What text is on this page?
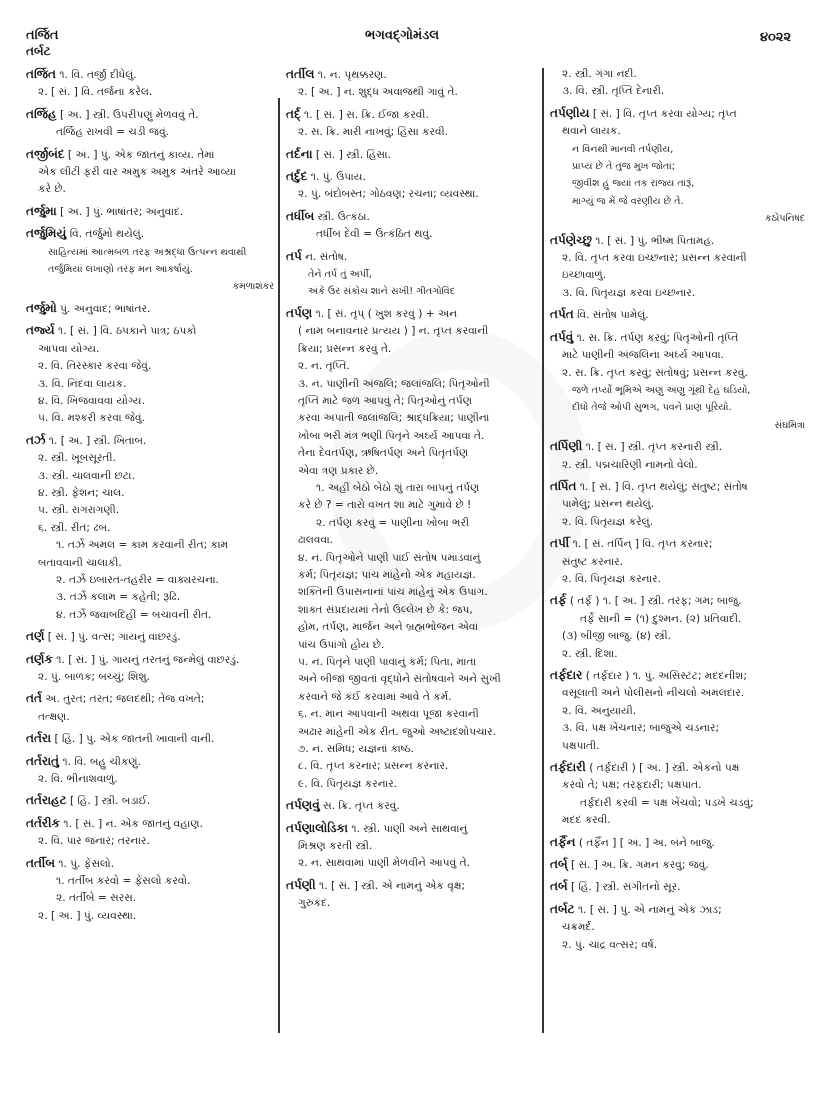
તર્જિત
તર્બટ
ભગવદ્ગોમંડલ	૪૦૨૨
તર્જિત ૧. વિ. તર્જી દીધેલું.
૨. [ સં. ] વિ. તર્જના કરેલ.
તર્જિહ [ અ. ] સ્ત્રી. ઉપરીપણું મેળવવું તે.
તર્જિહ રાખવી = ચડી જવું.
તર્જીબંદ [ અ. ] પું. એક જાતનું કાવ્ય. તેમાં
એક લીટી ફરી વાર અમુક અમુક અંતરે આવ્યા
કરે છે.
તર્જુમા [ અ. ] પું. ભાષાંતર; અનુવાદ.
તર્જુમિયું વિ. તર્જુમો થયેલું.
સાહિત્યમાં આત્મબળ તરફ અશ્રદ્ધા ઉત્પન્ન થવાથી
તર્જુમિયાં લખાણો તરફ મન આકર્ષાયું.
કમળાશંકર
તર્જુમો પું. અનુવાદ; ભાષાંતર.
તર્જ્ય ૧. [ સં. ] વિ. ઠપકાને પાત્ર; ઠપકો
આપવા યોગ્ય.
૨. વિ. તિરસ્કાર કરવા જેવું.
૩. વિ. નિંદવા લાયક.
૪. વિ. ખિજવાવવા યોગ્ય.
૫. વિ. મશ્કરી કરવા જેવું.
તર્ઝ ૧. [ અ. ] સ્ત્રી. ખિતાબ.
૨. સ્ત્રી. ખૂબસૂરતી.
૩. સ્ત્રી. ચાલવાની છટા.
૪. સ્ત્રી. ફેશન; ચાલ.
૫. સ્ત્રી. રાગરાગણી.
૬. સ્ત્રી. રીત; ઢબ.
૧. તર્ઝે અમલ = કામ કરવાની રીત; કામ
બતાવવાની ચાલાકી.
૨. તર્ઝે ઇબારત-તહરીર = વાક્યરચના.
૩. તર્ઝે કલામ = કહેતી; રૂઢિ.
૪. તર્ઝે જવાબદિહી = બચાવની રીત.
તર્ણ [ સં. ] પું. વત્સ; ગાયનું વાછરડું.
તર્ણક ૧. [ સં. ] પું. ગાયનું તરતનું જન્મેલું વાછરડું.
૨. પું. બાળક; બચ્ચું; શિશુ.
તર્ત અ. તુરત; તરત; જલદથી; તેજ વખતે;
તત્ક્ષણ.
તર્તરા [ હિં. ] પું. એક જાતની ખાવાની વાની.
તર્તરાતું ૧. વિ. બહુ ચીકણું.
૨. વિ. ભીનાશવાળું.
તર્તરાહટ [ હિં. ] સ્ત્રી. બડાઈ.
તર્તરીક ૧. [ સં. ] ન. એક જાતનું વહાણ.
૨. વિ. પાર જનાર; તરનાર.
તર્તીબ ૧. પું. ફેંસલો.
૧. તર્તીબ કરવો = ફેંસલો કરવો.
૨. તર્તીબે = સરસ.
૨. [ અ. ] પું. વ્યવસ્થા.
તર્તીલ ૧. ન. પૃથક્કરણ.
૨. [ અ. ] ન. શુદ્ધ અવાજથી ગાવું તે.
તર્દ્ ૧. [ સં. ] સ. ક્રિ. ઈજા કરવી.
૨. સ. ક્રિ. મારી નાખવું; હિંસા કરવી.
તર્દના [ સં. ] સ્ત્રી. હિંસા.
તર્દુદ ૧. પું. ઉપાય.
૨. પું. બંદોબસ્ત; ગોઠવણ; રચના; વ્યવસ્થા.
તર્ધીબ સ્ત્રી. ઉત્કંઠા.
તર્ધીબ દેવી = ઉત્કંઠિત થવું.
તર્પ ન. સંતોષ.
તેને તર્પ તું અર્પી,
અંકે ઉર સંકોચ શાને સખી! ગીતગોવિંદ
તર્પણ ૧. [ સં. તૃપ્ ( ખુશ કરવું ) + અન
( નામ બનાવનાર પ્રત્યય ) ] ન. તૃપ્ત કરવાની
ક્રિયા; પ્રસન્ન કરવું તે.
૨. ન. તૃપ્તિ.
૩. ન. પાણીની અંજલિ; જલાંજલિ; પિતૃઓની
તૃપ્તિ માટે જળ આપવું તે; પિતૃઓનું તર્પણ
કરવા અપાતી જલાંજલિ; શ્રાદ્ધક્રિયા; પાણીના
ખોબા ભરી મંત્ર ભણી પિતૃને અર્ઘ્ય આપવા તે.
તેના દેવતર્પણ, ઋષિતર્પણ અને પિતૃતર્પણ
એવા ત્રણ પ્રકાર છે.
૧. અહીં બેઠો બેઠો શું તારા બાપનું તર્પણ
કરે છે ? = તારો વખત શા માટે ગુમાવે છે !
૨. તર્પણ કરવું = પાણીના ખોબા ભરી
ઢાલવવા.
૪. ન. પિતૃઓને પાણી પાઈ સંતોષ પમાડવાનું
કર્મ; પિતૃયજ્ઞ; પાંચ માંહેનો એક મહાયજ્ઞ.
શક્તિની ઉપાસનાનાં પાંચ માંહેનું એક ઉપાંગ.
શાક્ત સંપ્રદાયમાં તેનો ઉલ્લેખ છે કે: જપ,
હોમ, તર્પણ, માર્જન અને બ્રહ્મભોજન એવાં
પાંચ ઉપાંગો હોય છે.
૫. ન. પિતૃને પાણી પાવાનું કર્મ; પિતા, માતા
અને બીજાં જીવતાં વૃદ્ધોને સંતોષવાને અને સુખી
કરવાને જે કંઈ કરવામાં આવે તે કર્મ.
૬. ન. માન આપવાની અથવા પૂજા કરવાની
અઢાર માંહેની એક રીત. જુઓ અષ્ટાદશોપચાર.
૭. ન. સમિધ; યજ્ઞનાં કાષ્ઠ.
૮. વિ. તૃપ્ત કરનાર; પ્રસન્ન કરનાર.
૯. વિ. પિતૃયજ્ઞ કરનાર.
તર્પણવું સ. ક્રિ. તૃપ્ત કરવું.
તર્પણાલોડિકા ૧. સ્ત્રી. પાણી અને સાથવાનું
મિશ્રણ કરતી સ્ત્રી.
૨. ન. સાથવામાં પાણી મેળવીને આપવું તે.
તર્પણી ૧. [ સં. ] સ્ત્રી. એ નામનું એક વૃક્ષ;
ગુરુકંદ.
૨. સ્ત્રી. ગંગા નદી.
૩. વિ. સ્ત્રી. તૃપ્તિ દેનારી.
તર્પણીય [ સં. ] વિ. તૃપ્ત કરવા યોગ્ય; તૃપ્ત
થવાને લાયક.
ન વિનથી માનવી તર્પણીય,
પ્રાપ્ય છે તે તુજ મુખ જોતાં;
જીવીશ હું જ્યાં તક રાજ્ય તારૂં,
માગ્યું જ મેં જે વરણીય છે તે.
કઠોપનિષદ
તર્પણેચ્છુ ૧. [ સં. ] પું. ભીષ્મ પિતામહ.
૨. વિ. તૃપ્ત કરવા ઇચ્છનાર; પ્રસન્ન કરવાની
ઇચ્છાવાળું.
૩. વિ. પિતૃયજ્ઞ કરવા ઇચ્છનાર.
તર્પત વિ. સંતોષ પામેલું.
તર્પવું ૧. સ. ક્રિ. તર્પણ કરવું; પિતૃઓની તૃપ્તિ
માટે પાણીની અંજલિના અર્ઘ્ય આપવા.
૨. સ. ક્રિ. તૃપ્ત કરવું; સંતોષવું; પ્રસન્ન કરવું.
જળે તર્પ્યો ભૂમિએ અણુ અણુ ગૂંથી દેહ ઘડિયો,
દીધો તેજે ઓપી સુભગ, પવને પ્રાણ પૂરિયો.
સંઘમિત્રા
તર્પિણી ૧. [ સં. ] સ્ત્રી. તૃપ્ત કરનારી સ્ત્રી.
૨. સ્ત્રી. પદ્મચારિણી નામનો વેલો.
તર્પિત ૧. [ સં. ] વિ. તૃપ્ત થયેલું; સંતુષ્ટ; સંતોષ
પામેલું; પ્રસન્ન થયેલું.
૨. વિ. પિતૃયજ્ઞ કરેલું.
તર્પી ૧. [ સં. તર્પિન્ ] વિ. તૃપ્ત કરનાર;
સંતુષ્ટ કરનાર.
૨. વિ. પિતૃયજ્ઞ કરનાર.
તર્ફ ( તર્ફ ) ૧. [ અ. ] સ્ત્રી. તરફ; ગમ; બાજુ.
તર્ફે સાની = (૧) દુશ્મન. (૨) પ્રતિવાદી.
(૩) બીજી બાજુ. (૪) સ્ત્રી.
૨. સ્ત્રી. દિશા.
તર્ફદાર ( તર્ફદાર ) ૧. પું. અસિસ્ટંટ; મદદનીશ;
વસૂલાતી અને પોલીસનો નીચલો અમલદાર.
૨. વિ. અનુયાયી.
૩. વિ. પક્ષ ખેંચનાર; બાજુએ ચડનાર;
પક્ષપાતી.
તર્ફદારી ( તર્ફદારી ) [ અ. ] સ્ત્રી. એકનો પક્ષ
કરવો તે; પક્ષ; તરફદારી; પક્ષપાત.
તર્ફદારી કરવી = પક્ષ ખેંચવો; પડખે ચડવું;
મદદ કરવી.
તર્ફૈન ( તર્ફૈન ] [ અ. ] અ. બંને બાજુ.
તર્બ્ [ સં. ] અ. ક્રિ. ગમન કરવું; જવું.
તર્બ [ હિં. ] સ્ત્રી. સંગીતનો સૂર.
તર્બટ ૧. [ સં. ] પું. એ નામનું એક ઝાડ;
ચક્રમર્દ.
૨. પું. ચાંદ્ર વત્સર; વર્ષ.
